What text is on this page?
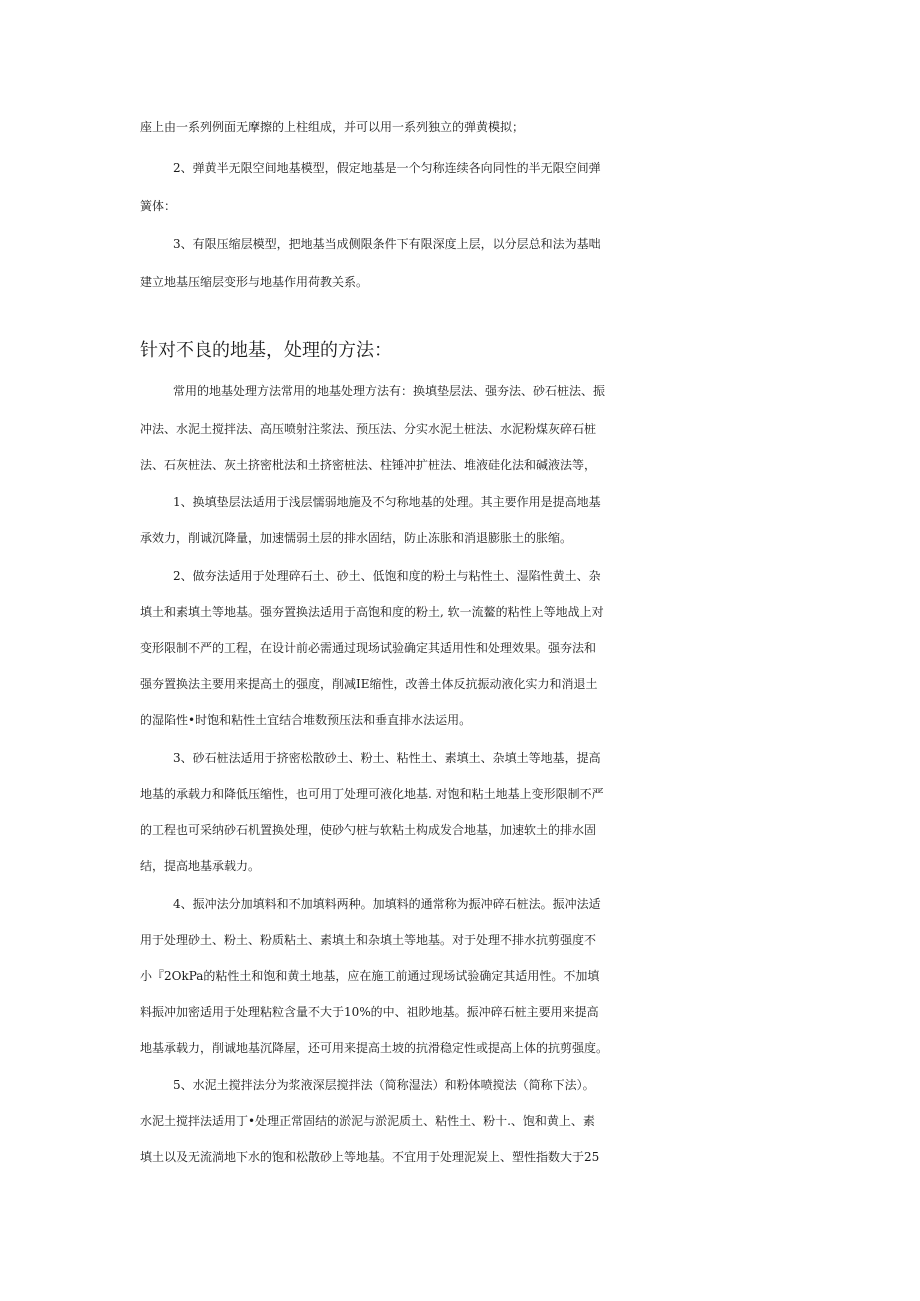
座上由一系列例面无摩擦的上柱组成，并可以用一系列独立的弹黄模拟；
2、弹黄半无限空间地基模型，假定地基是一个匀称连续各向同性的半无限空间弹
簧体：
3、有限压缩层模型，把地基当成侧限条件下有限深度上层，以分层总和法为基咄
建立地基压缩层变形与地基作用荷教关系。
针对不良的地基，处理的方法：
常用的地基处理方法常用的地基处理方法有：换填垫层法、强夯法、砂石桩法、振
冲法、水泥土搅拌法、高压喷射注浆法、预压法、分实水泥土桩法、水泥粉煤灰碎石桩
法、石灰桩法、灰土挤密枇法和土挤密桩法、柱锤冲扩桩法、堆液硅化法和碱液法等，
1、换填垫层法适用于浅层懦弱地施及不匀称地基的处理。其主要作用是提高地基
承效力，削诚沉降量，加速懦弱土层的排水固结，防止冻胀和消退膨胀土的胀缩。
2、做夯法适用于处理碎石土、砂土、低饱和度的粉土与粘性土、湿陷性黄土、杂
填土和素填土等地基。强夯置换法适用于高饱和度的粉土, 软一流鳌的粘性上等地战上对
变形限制不严的工程，在设计前必需通过现场试验确定其适用性和处理效果。强夯法和
强夯置换法主要用来提高土的强度，削减IE缩性，改善土体反抗振动液化实力和消退土
的湿陷性•时饱和粘性土宜结合堆数预压法和垂直排水法运用。
3、砂石桩法适用于挤密松散砂土、粉土、粘性土、素填土、杂填土等地基，提高
地基的承载力和降低压缩性，也可用丁处理可液化地基. 对饱和粘土地基上变形限制不严
的工程也可采纳砂石机置换处理，使砂勺桩与软粘土构成发合地基，加速软土的排水固
结，提高地基承载力。
4、振冲法分加填料和不加填料两种。加填料的通常称为振冲碎石桩法。振冲法适
用于处理砂土、粉土、粉质粘土、素填土和杂填土等地基。对于处理不排水抗剪强度不
小『2OkPa的粘性土和饱和黄土地基，应在施工前通过现场试验确定其适用性。不加填
料振冲加密适用于处理粘粒含量不大于10%的中、祖眇地基。振冲碎石桩主要用来提高
地基承载力，削诚地基沉降屋，还可用来提高土坡的抗滑稳定性或提高上体的抗剪强度。
5、水泥土搅拌法分为浆液深层搅拌法（简称湿法）和粉体喷搅法（简称下法）。
水泥土搅拌法适用丁•处理正常固结的淤泥与淤泥质土、粘性土、粉十.、饱和黄上、素
填土以及无流淌地下水的饱和松散砂上等地基。不宜用于处理泥炭上、塑性指数大于25
